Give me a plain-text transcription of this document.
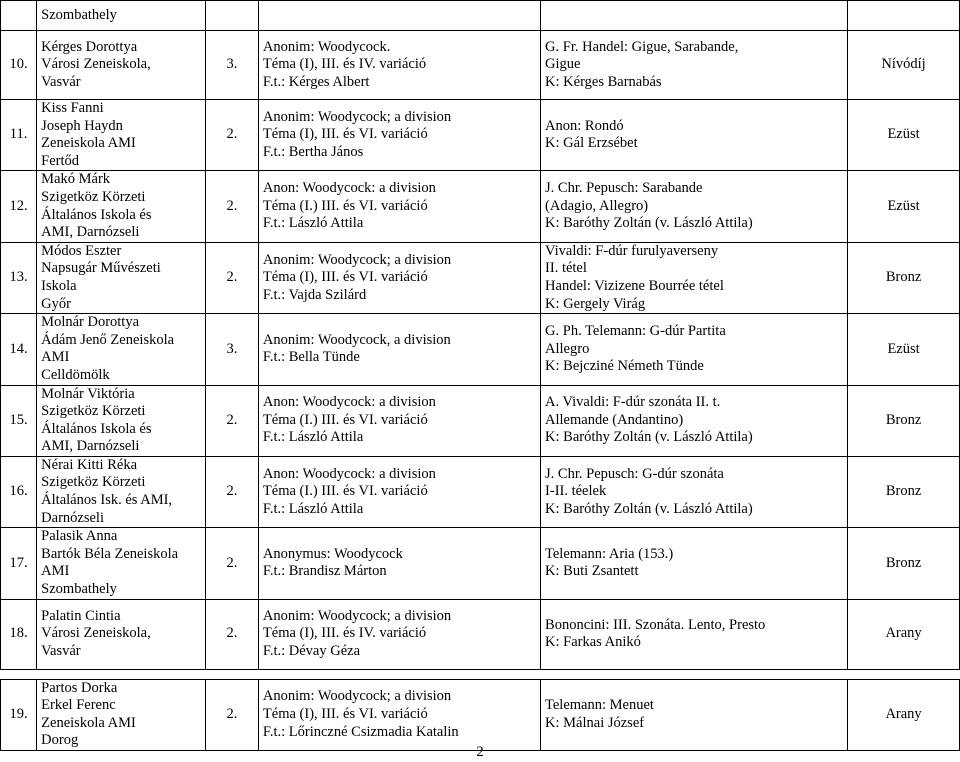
	Szombathely				
10.	Kérges Dorottya
Városi Zeneiskola,
Vasvár	3.	Anonim: Woodycock.
Téma (I), III. és IV. variáció
F.t.: Kérges Albert	G. Fr. Handel: Gigue, Sarabande,
Gigue
K: Kérges Barnabás	Nívódíj
11.	Kiss Fanni
Joseph Haydn
Zeneiskola AMI
Fertőd	2.	Anonim: Woodycock; a division
Téma (I), III. és VI. variáció
F.t.: Bertha János	Anon: Rondó
K: Gál Erzsébet	Ezüst
12.	Makó Márk
Szigetköz Körzeti
Általános Iskola és
AMI, Darnózseli	2.	Anon: Woodycock: a division
Téma (I.) III. és VI. variáció
F.t.: László Attila	J. Chr. Pepusch: Sarabande
(Adagio, Allegro)
K: Baróthy Zoltán (v. László Attila)	Ezüst
13.	Módos Eszter
Napsugár Művészeti
Iskola
Győr	2.	Anonim: Woodycock; a division
Téma (I), III. és VI. variáció
F.t.: Vajda Szilárd	Vivaldi: F-dúr furulyaverseny
II. tétel
Handel: Vizizene Bourrée tétel
K: Gergely Virág	Bronz
14.	Molnár Dorottya
Ádám Jenő Zeneiskola
AMI
Celldömölk	3.	Anonim: Woodycock, a division
F.t.: Bella Tünde	G. Ph. Telemann: G-dúr Partita
Allegro
K: Bejcziné Németh Tünde	Ezüst
15.	Molnár Viktória
Szigetköz Körzeti
Általános Iskola és
AMI, Darnózseli	2.	Anon: Woodycock: a division
Téma (I.) III. és VI. variáció
F.t.: László Attila	A. Vivaldi: F-dúr szonáta II. t.
Allemande (Andantino)
K: Baróthy Zoltán (v. László Attila)	Bronz
16.	Nérai Kitti Réka
Szigetköz Körzeti
Általános Isk. és AMI,
Darnózseli	2.	Anon: Woodycock: a division
Téma (I.) III. és VI. variáció
F.t.: László Attila	J. Chr. Pepusch: G-dúr szonáta
I-II. téelek
K: Baróthy Zoltán (v. László Attila)	Bronz
17.	Palasik Anna
Bartók Béla Zeneiskola
AMI
Szombathely	2.	Anonymus: Woodycock
F.t.: Brandisz Márton	Telemann: Aria (153.)
K: Buti Zsantett	Bronz
18.	Palatin Cintia
Városi Zeneiskola,
Vasvár	2.	Anonim: Woodycock; a division
Téma (I), III. és IV. variáció
F.t.: Dévay Géza	Bononcini: III. Szonáta. Lento, Presto
K: Farkas Anikó	Arany

19.	Partos Dorka
Erkel Ferenc
Zeneiskola AMI
Dorog	2.	Anonim: Woodycock; a division
Téma (I), III. és VI. variáció
F.t.: Lőrinczné Csizmadia Katalin	Telemann: Menuet
K: Málnai József	Arany
2
